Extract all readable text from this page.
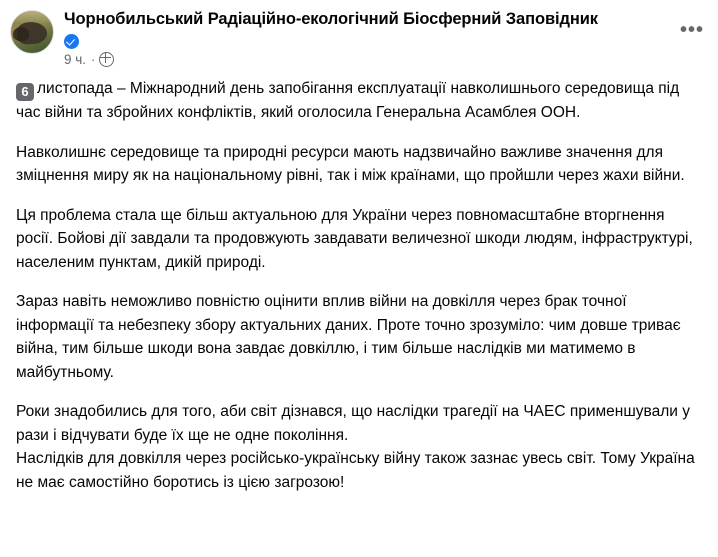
Чорнобильський Радіаційно-екологічний Біосферний Заповідник
9 ч. ·
•••

6 листопада – Міжнародний день запобігання експлуатації навколишнього середовища під час війни та збройних конфліктів, який оголосила Генеральна Асамблея ООН.

Навколишнє середовище та природні ресурси мають надзвичайно важливе значення для зміцнення миру як на національному рівні, так і між країнами, що пройшли через жахи війни.

Ця проблема стала ще більш актуальною для України через повномасштабне вторгнення росії. Бойові дії завдали та продовжують завдавати величезної шкоди людям, інфраструктурі, населеним пунктам, дикій природі.

Зараз навіть неможливо повністю оцінити вплив війни на довкілля через брак точної інформації та небезпеку збору актуальних даних. Проте точно зрозуміло: чим довше триває війна, тим більше шкоди вона завдає довкіллю, і тим більше наслідків ми матимемо в майбутньому.

Роки знадобились для того, аби світ дізнався, що наслідки трагедії на ЧАЕС применшували у рази і відчувати буде їх ще не одне покоління.

Наслідків для довкілля через російсько-українську війну також зазнає увесь світ. Тому Україна не має самостійно боротись із цією загрозою!
